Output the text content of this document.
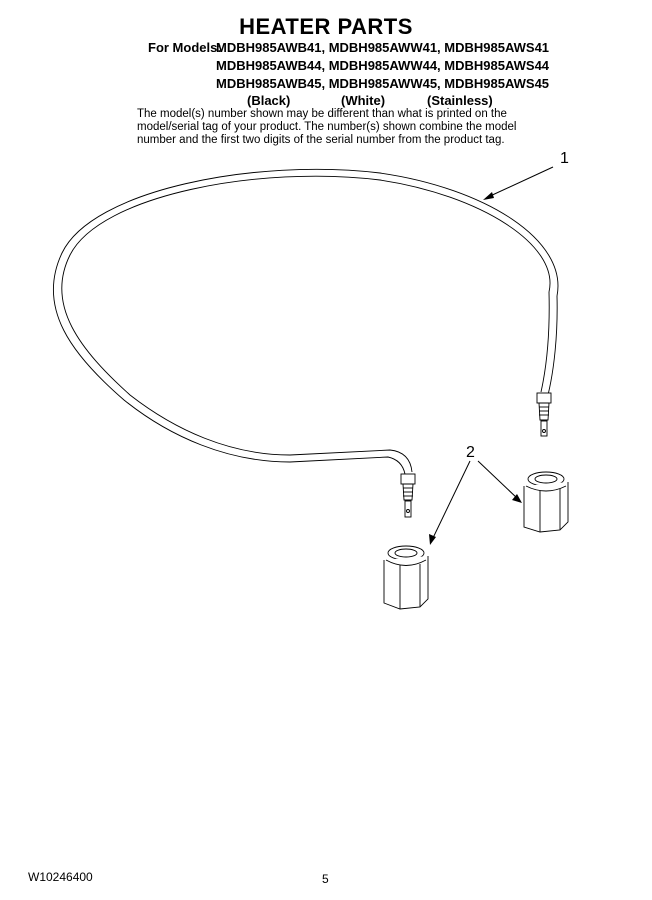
HEATER PARTS
For Models:
MDBH985AWB41, MDBH985AWW41, MDBH985AWS41
MDBH985AWB44, MDBH985AWW44, MDBH985AWS44
MDBH985AWB45, MDBH985AWW45, MDBH985AWS45
(Black)	(White)	(Stainless)
The model(s) number shown may be different than what is printed on the model/serial tag of your product. The number(s) shown combine the model number and the first two digits of the serial number from the product tag.
1
2
W10246400	5
